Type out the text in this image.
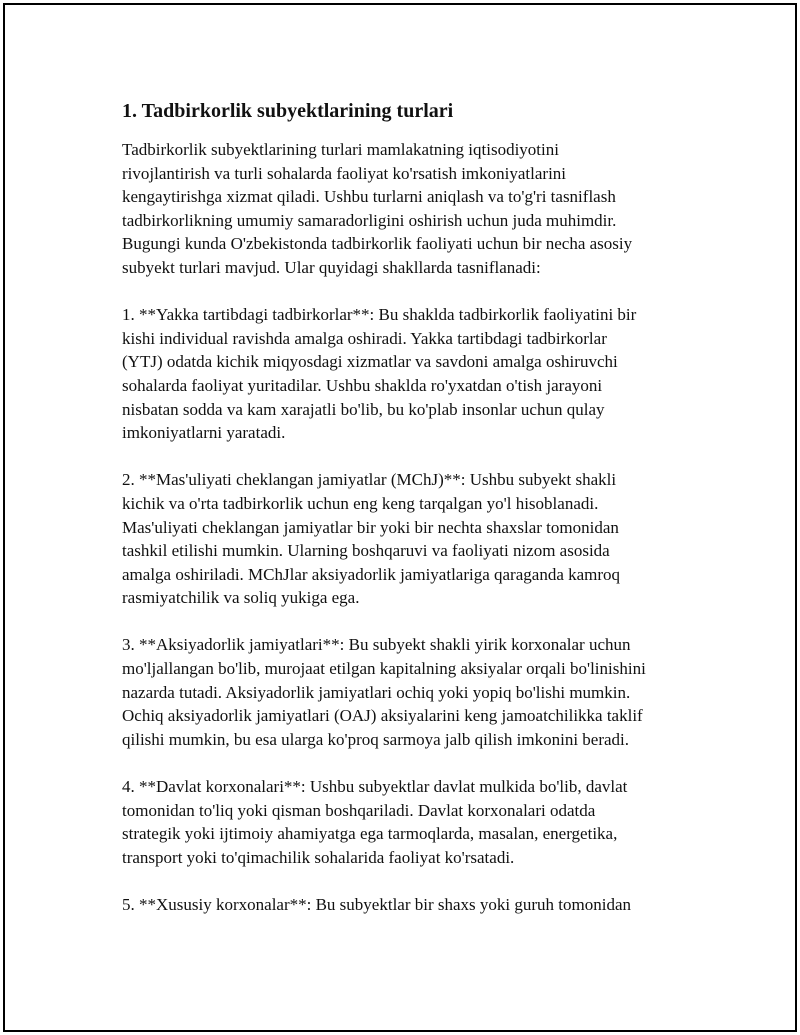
1. Tadbirkorlik subyektlarining turlari

Tadbirkorlik subyektlarining turlari mamlakatning iqtisodiyotini
rivojlantirish va turli sohalarda faoliyat ko'rsatish imkoniyatlarini
kengaytirishga xizmat qiladi. Ushbu turlarni aniqlash va to'g'ri tasniflash
tadbirkorlikning umumiy samaradorligini oshirish uchun juda muhimdir.
Bugungi kunda O'zbekistonda tadbirkorlik faoliyati uchun bir necha asosiy
subyekt turlari mavjud. Ular quyidagi shakllarda tasniflanadi:

1. **Yakka tartibdagi tadbirkorlar**: Bu shaklda tadbirkorlik faoliyatini bir
kishi individual ravishda amalga oshiradi. Yakka tartibdagi tadbirkorlar
(YTJ) odatda kichik miqyosdagi xizmatlar va savdoni amalga oshiruvchi
sohalarda faoliyat yuritadilar. Ushbu shaklda ro'yxatdan o'tish jarayoni
nisbatan sodda va kam xarajatli bo'lib, bu ko'plab insonlar uchun qulay
imkoniyatlarni yaratadi.

2. **Mas'uliyati cheklangan jamiyatlar (MChJ)**: Ushbu subyekt shakli
kichik va o'rta tadbirkorlik uchun eng keng tarqalgan yo'l hisoblanadi.
Mas'uliyati cheklangan jamiyatlar bir yoki bir nechta shaxslar tomonidan
tashkil etilishi mumkin. Ularning boshqaruvi va faoliyati nizom asosida
amalga oshiriladi. MChJlar aksiyadorlik jamiyatlariga qaraganda kamroq
rasmiyatchilik va soliq yukiga ega.

3. **Aksiyadorlik jamiyatlari**: Bu subyekt shakli yirik korxonalar uchun
mo'ljallangan bo'lib, murojaat etilgan kapitalning aksiyalar orqali bo'linishini
nazarda tutadi. Aksiyadorlik jamiyatlari ochiq yoki yopiq bo'lishi mumkin.
Ochiq aksiyadorlik jamiyatlari (OAJ) aksiyalarini keng jamoatchilikka taklif
qilishi mumkin, bu esa ularga ko'proq sarmoya jalb qilish imkonini beradi.

4. **Davlat korxonalari**: Ushbu subyektlar davlat mulkida bo'lib, davlat
tomonidan to'liq yoki qisman boshqariladi. Davlat korxonalari odatda
strategik yoki ijtimoiy ahamiyatga ega tarmoqlarda, masalan, energetika,
transport yoki to'qimachilik sohalarida faoliyat ko'rsatadi.

5. **Xususiy korxonalar**: Bu subyektlar bir shaxs yoki guruh tomonidan
